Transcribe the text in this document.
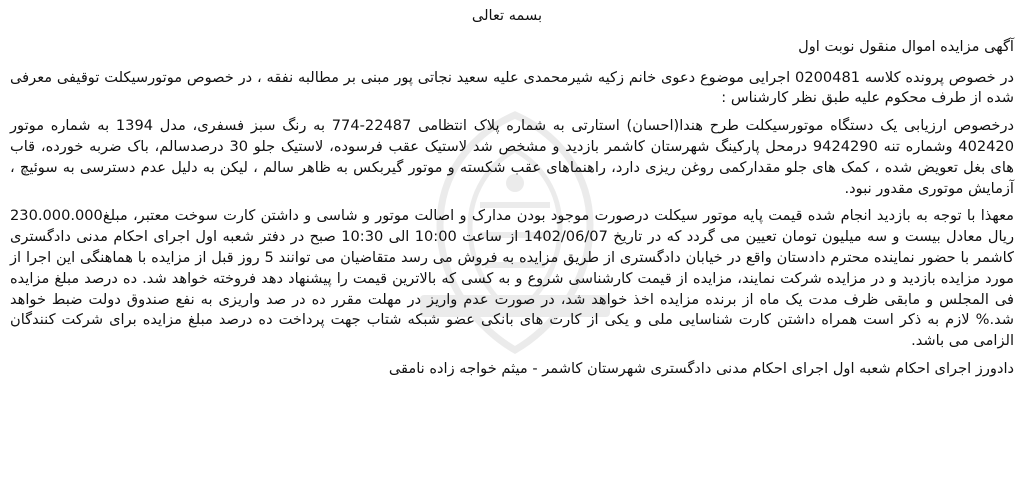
بسمه تعالی

آگهی مزایده اموال منقول نوبت اول

در خصوص پرونده کلاسه 0200481 اجرایی موضوع دعوی خانم زکیه شیرمحمدی علیه سعید نجاتی پور مبنی بر مطالبه نفقه ، در خصوص موتورسیکلت توقیفی معرفی شده از طرف محکوم علیه طبق نظر کارشناس :

درخصوص ارزیابی یک دستگاه موتورسیکلت طرح هندا(احسان) استارتی به شماره پلاک انتظامی 22487-774 به رنگ سبز فسفری، مدل 1394 به شماره موتور 402420 وشماره تنه 9424290 درمحل پارکینگ شهرستان کاشمر بازدید و مشخص شد لاستیک عقب فرسوده، لاستیک جلو 30 درصدسالم، باک ضربه خورده، قاب های بغل تعویض شده ، کمک های جلو مقدارکمی روغن ریزی دارد، راهنماهای عقب شکسته و موتور گیربکس به ظاهر سالم ، لیکن به دلیل عدم دسترسی به سوئیچ ، آزمایش موتوری مقدور نبود.

معهذا با توجه به بازدید انجام شده قیمت پایه موتور سیکلت درصورت موجود بودن مدارک و اصالت موتور و شاسی و داشتن کارت سوخت معتبر، مبلغ230.000.000 ریال معادل بیست و سه میلیون تومان تعیین می گردد که در تاریخ 1402/06/07 از ساعت 10:00 الی 10:30 صبح در دفتر شعبه اول اجرای احکام مدنی دادگستری کاشمر با حضور نماینده محترم دادستان واقع در خیابان دادگستری از طریق مزایده به فروش می رسد متقاضیان می توانند 5 روز قبل از مزایده با هماهنگی این اجرا از مورد مزایده بازدید و در مزایده شرکت نمایند، مزایده از قیمت کارشناسی شروع و به کسی که بالاترین قیمت را پیشنهاد دهد فروخته خواهد شد. ده درصد مبلغ مزایده فی المجلس و مابقی ظرف مدت یک ماه از برنده مزایده اخذ خواهد شد، در صورت عدم واریز در مهلت مقرر ده در صد واریزی به نفع صندوق دولت ضبط خواهد شد.% لازم به ذکر است همراه داشتن کارت شناسایی ملی و یکی از کارت های بانکی عضو شبکه شتاب جهت پرداخت ده درصد مبلغ مزایده برای شرکت کنندگان الزامی می باشد.

دادورز اجرای احکام شعبه اول اجرای احکام مدنی دادگستری شهرستان کاشمر - میثم خواجه زاده نامقی
